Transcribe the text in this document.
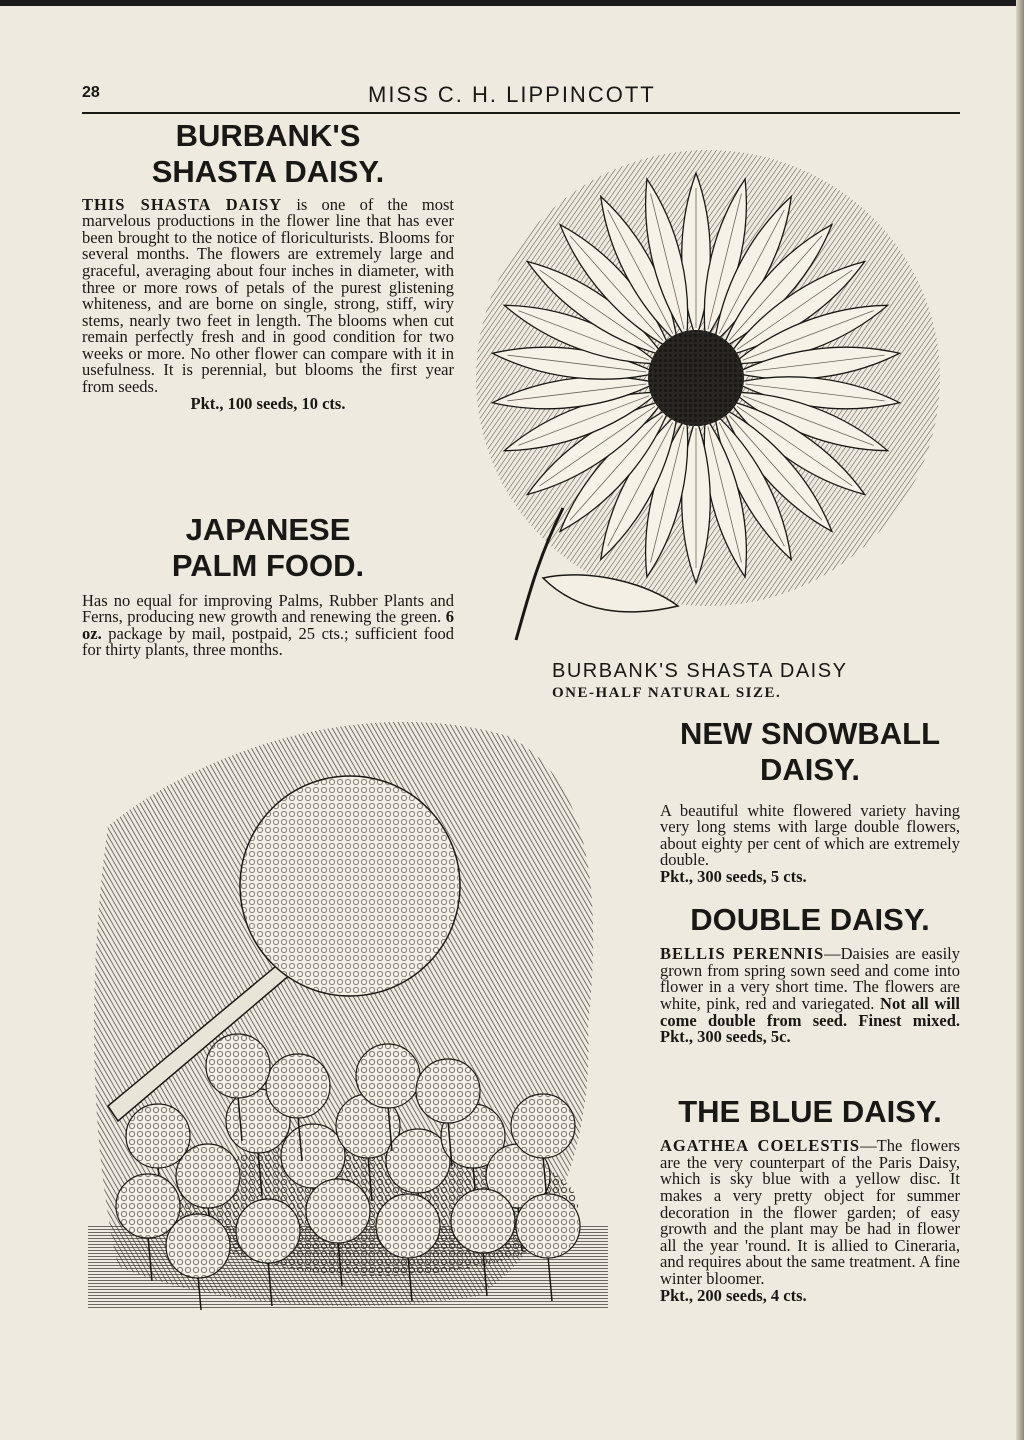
28	MISS C. H. LIPPINCOTT
BURBANK'S SHASTA DAISY.

THIS SHASTA DAISY is one of the most marvelous productions in the flower line that has ever been brought to the notice of floriculturists. Blooms for several months. The flowers are extremely large and graceful, averaging about four inches in diameter, with three or more rows of petals of the purest glistening whiteness, and are borne on single, strong, stiff, wiry stems, nearly two feet in length. The blooms when cut remain perfectly fresh and in good condition for two weeks or more. No other flower can compare with it in usefulness. It is perennial, but blooms the first year from seeds.

Pkt., 100 seeds, 10 cts.

JAPANESE PALM FOOD.

Has no equal for improving Palms, Rubber Plants and Ferns, producing new growth and renewing the green. 6 oz. package by mail, postpaid, 25 cts.; sufficient food for thirty plants, three months.

BURBANK'S SHASTA DAISY
ONE-HALF NATURAL SIZE.
NEW SNOWBALL DAISY.

A beautiful white flowered variety having very long stems with large double flowers, about eighty per cent of which are extremely double.

Pkt., 300 seeds, 5 cts.

DOUBLE DAISY.

BELLIS PERENNIS—Daisies are easily grown from spring sown seed and come into flower in a very short time. The flowers are white, pink, red and variegated. Not all will come double from seed. Finest mixed. Pkt., 300 seeds, 5c.

THE BLUE DAISY.

AGATHEA COELESTIS—The flowers are the very counterpart of the Paris Daisy, which is sky blue with a yellow disc. It makes a very pretty object for summer decoration in the flower garden; of easy growth and the plant may be had in flower all the year 'round. It is allied to Cineraria, and requires about the same treatment. A fine winter bloomer.

Pkt., 200 seeds, 4 cts.
